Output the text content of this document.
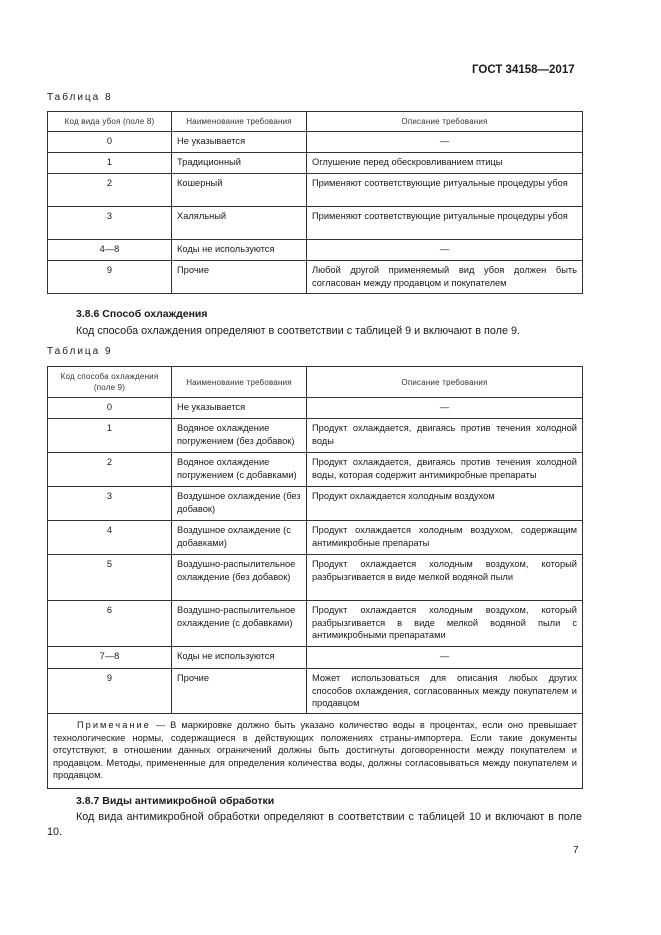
ГОСТ 34158—2017
Таблица 8
Код вида убоя (поле 8)	Наименование требования	Описание требования
0	Не указывается	—
1	Традиционный	Оглушение перед обескровливанием птицы
2	Кошерный	Применяют соответствующие ритуальные процедуры убоя
3	Халяльный	Применяют соответствующие ритуальные процедуры убоя
4—8	Коды не используются	—
9	Прочие	Любой другой применяемый вид убоя должен быть согласован между продавцом и покупателем
3.8.6 Способ охлаждения
Код способа охлаждения определяют в соответствии с таблицей 9 и включают в поле 9.
Таблица 9
Код способа охлаждения (поле 9)	Наименование требования	Описание требования
0	Не указывается	—
1	Водяное охлаждение погружением (без добавок)	Продукт охлаждается, двигаясь против течения холодной воды
2	Водяное охлаждение погружением (с добавками)	Продукт охлаждается, двигаясь против течения холодной воды, которая содержит антимикробные препараты
3	Воздушное охлаждение (без добавок)	Продукт охлаждается холодным воздухом
4	Воздушное охлаждение (с добавками)	Продукт охлаждается холодным воздухом, содержащим антимикробные препараты
5	Воздушно-распылительное охлаждение (без добавок)	Продукт охлаждается холодным воздухом, который разбрызгивается в виде мелкой водяной пыли
6	Воздушно-распылительное охлаждение (с добавками)	Продукт охлаждается холодным воздухом, который разбрызгивается в виде мелкой водяной пыли с антимикробными препаратами
7—8	Коды не используются	—
9	Прочие	Может использоваться для описания любых других способов охлаждения, согласованных между покупателем и продавцом
Примечание — В маркировке должно быть указано количество воды в процентах, если оно превышает технологические нормы, содержащиеся в действующих положениях страны-импортера. Если такие документы отсутствуют, в отношении данных ограничений должны быть достигнуты договоренности между покупателем и продавцом. Методы, примененные для определения количества воды, должны согласовываться между покупателем и продавцом.		
3.8.7 Виды антимикробной обработки
Код вида антимикробной обработки определяют в соответствии с таблицей 10 и включают в поле 10.
7
